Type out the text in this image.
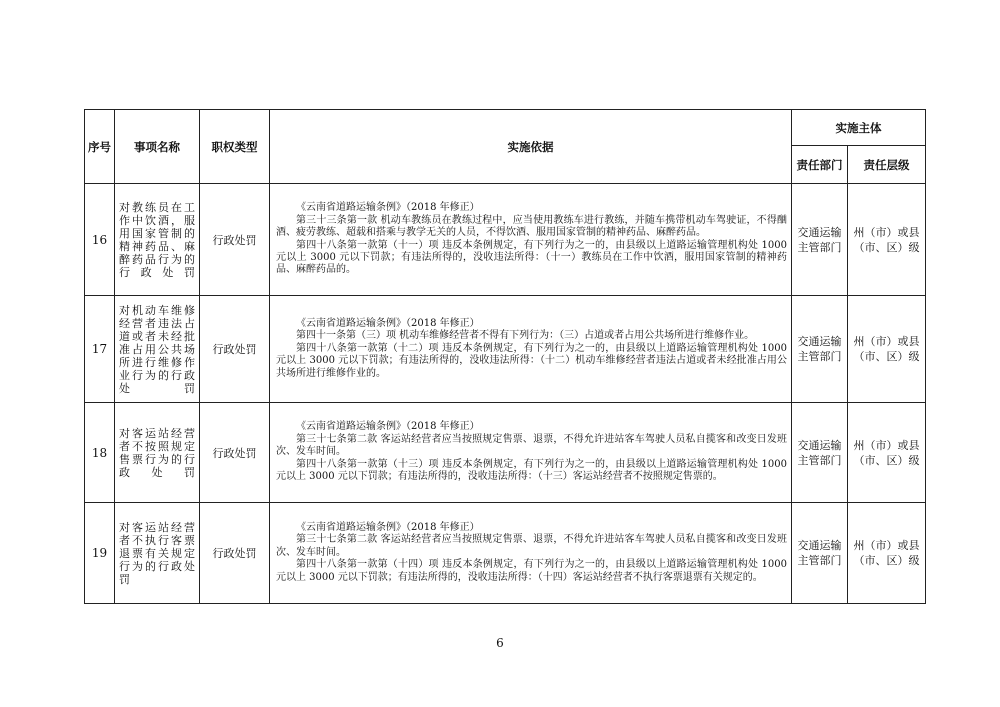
序号	事项名称	职权类型	实施依据	实施主体	
				责任部门	责任层级
16	对教练员在工作中饮酒，服用国家管制的精神药品、麻醉药品行为的行政处罚	行政处罚	《云南省道路运输条例》（2018 年修正）

第三十三条第一款 机动车教练员在教练过程中，应当使用教练车进行教练，并随车携带机动车驾驶证，不得酗酒、疲劳教练、超载和搭乘与教学无关的人员，不得饮酒、服用国家管制的精神药品、麻醉药品。

第四十八条第一款第（十一）项 违反本条例规定，有下列行为之一的，由县级以上道路运输管理机构处 1000 元以上 3000 元以下罚款；有违法所得的，没收违法所得：（十一）教练员在工作中饮酒，服用国家管制的精神药品、麻醉药品的。	交通运输主管部门	州（市）或县（市、区）级
17	对机动车维修经营者违法占道或者未经批准占用公共场所进行维修作业行为的行政处罚	行政处罚	《云南省道路运输条例》（2018 年修正）

第四十一条第（三）项 机动车维修经营者不得有下列行为：（三）占道或者占用公共场所进行维修作业。

第四十八条第一款第（十二）项 违反本条例规定，有下列行为之一的，由县级以上道路运输管理机构处 1000 元以上 3000 元以下罚款；有违法所得的，没收违法所得：（十二）机动车维修经营者违法占道或者未经批准占用公共场所进行维修作业的。	交通运输主管部门	州（市）或县（市、区）级
18	对客运站经营者不按照规定售票行为的行政处罚	行政处罚	《云南省道路运输条例》（2018 年修正）

第三十七条第二款 客运站经营者应当按照规定售票、退票，不得允许进站客车驾驶人员私自揽客和改变日发班次、发车时间。

第四十八条第一款第（十三）项 违反本条例规定，有下列行为之一的，由县级以上道路运输管理机构处 1000 元以上 3000 元以下罚款；有违法所得的，没收违法所得：（十三）客运站经营者不按照规定售票的。	交通运输主管部门	州（市）或县（市、区）级
19	对客运站经营者不执行客票退票有关规定行为的行政处罚	行政处罚	《云南省道路运输条例》（2018 年修正）

第三十七条第二款 客运站经营者应当按照规定售票、退票，不得允许进站客车驾驶人员私自揽客和改变日发班次、发车时间。

第四十八条第一款第（十四）项 违反本条例规定，有下列行为之一的，由县级以上道路运输管理机构处 1000 元以上 3000 元以下罚款；有违法所得的，没收违法所得：（十四）客运站经营者不执行客票退票有关规定的。	交通运输主管部门	州（市）或县（市、区）级
6
